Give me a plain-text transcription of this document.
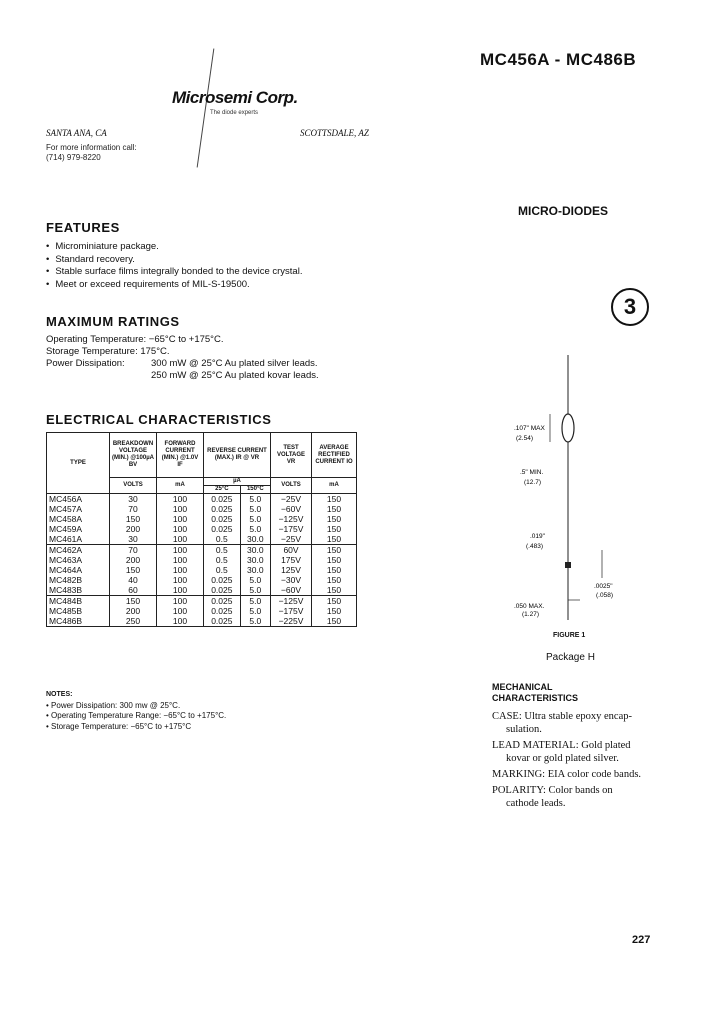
MC456A - MC486B
Microsemi Corp.
The diode experts
SANTA ANA, CA
For more information call:
(714) 979-8220
SCOTTSDALE, AZ
MICRO-DIODES
3
FEATURES
• Microminiature package.
• Standard recovery.
• Stable surface films integrally bonded to the device crystal.
• Meet or exceed requirements of MIL-S-19500.
MAXIMUM RATINGS
Operating Temperature: −65°C to +175°C.
Storage Temperature: 175°C.
Power Dissipation:	300 mW @ 25°C Au plated silver leads.
250 mW @ 25°C Au plated kovar leads.
ELECTRICAL CHARACTERISTICS
TYPE	BREAKDOWN VOLTAGE (MIN.) @100µA BV	FORWARD CURRENT (MIN.) @1.0V IF	REVERSE CURRENT (MAX.) IR @ VR		TEST VOLTAGE VR	AVERAGE RECTIFIED CURRENT IO
	VOLTS	mA	µA		VOLTS	mA
			25°C	150°C		
MC456A	30	100	0.025	5.0	−25V	150
MC457A	70	100	0.025	5.0	−60V	150
MC458A	150	100	0.025	5.0	−125V	150
MC459A	200	100	0.025	5.0	−175V	150
MC461A	30	100	0.5	30.0	−25V	150
MC462A	70	100	0.5	30.0	60V	150
MC463A	200	100	0.5	30.0	175V	150
MC464A	150	100	0.5	30.0	125V	150
MC482B	40	100	0.025	5.0	−30V	150
MC483B	60	100	0.025	5.0	−60V	150
MC484B	150	100	0.025	5.0	−125V	150
MC485B	200	100	0.025	5.0	−175V	150
MC486B	250	100	0.025	5.0	−225V	150
NOTES:
• Power Dissipation: 300 mw @ 25°C.
• Operating Temperature Range: −65°C to +175°C.
• Storage Temperature: −65°C to +175°C
.107" MAX
(2.54)
.5" MIN.
(12.7)
.019"
(.483)
.0025"
(.058)
.050 MAX.
(1.27)
FIGURE 1
Package H
MECHANICAL
CHARACTERISTICS

CASE: Ultra stable epoxy encap-
sulation.

LEAD MATERIAL: Gold plated
kovar or gold plated silver.

MARKING: EIA color code bands.

POLARITY: Color bands on
cathode leads.

227
